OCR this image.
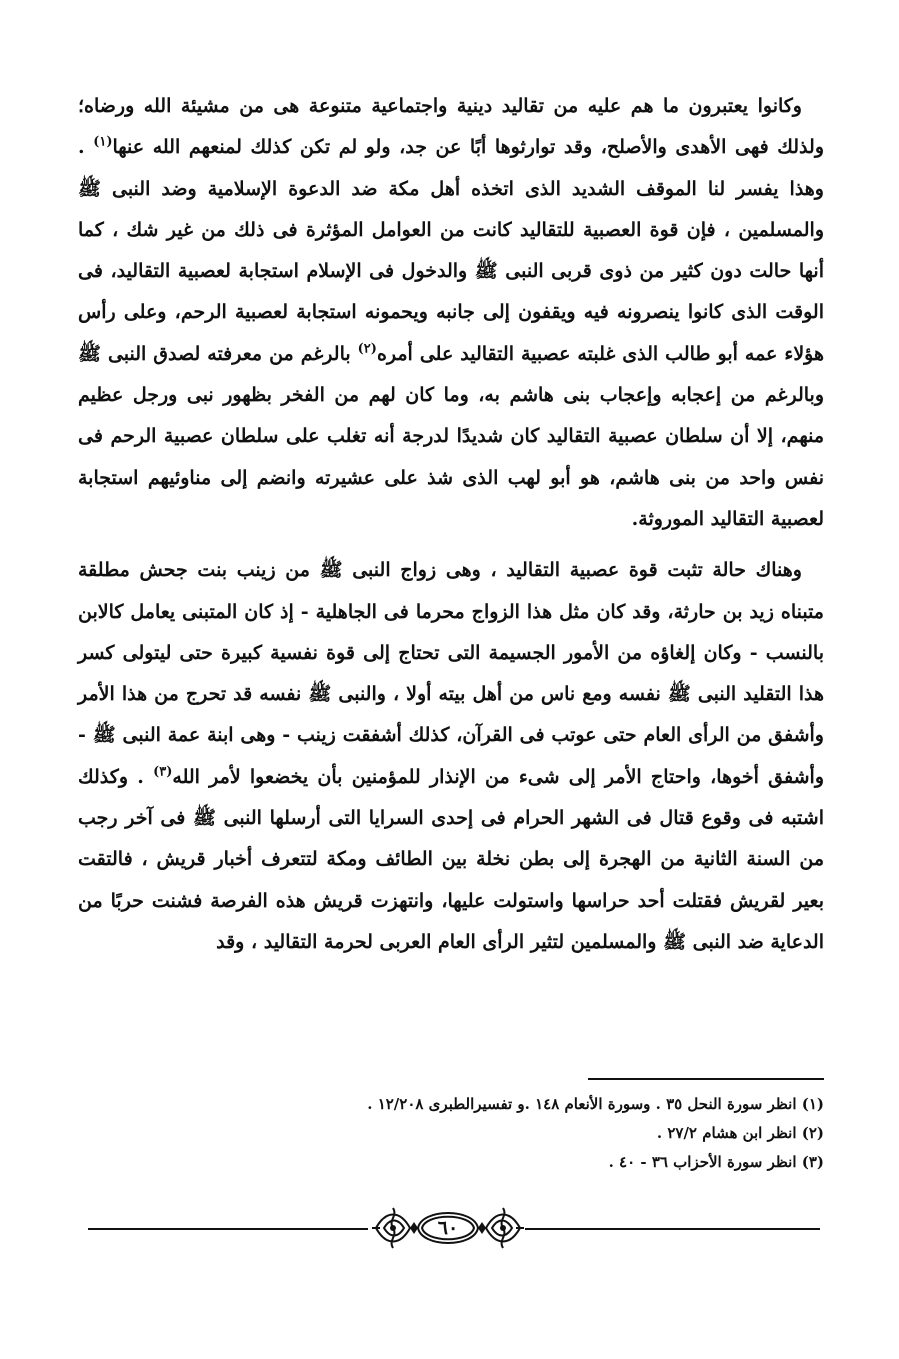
وكانوا يعتبرون ما هم عليه من تقاليد دينية واجتماعية متنوعة هى من مشيئة الله ورضاه؛ ولذلك فهى الأهدى والأصلح، وقد توارثوها أبًا عن جد، ولو لم تكن كذلك لمنعهم الله عنها$^{(١)}$ . وهذا يفسر لنا الموقف الشديد الذى اتخذه أهل مكة ضد الدعوة الإسلامية وضد النبى ﷺ والمسلمين ، فإن قوة العصبية للتقاليد كانت من العوامل المؤثرة فى ذلك من غير شك ، كما أنها حالت دون كثير من ذوى قربى النبى ﷺ والدخول فى الإسلام استجابة لعصبية التقاليد، فى الوقت الذى كانوا ينصرونه فيه ويقفون إلى جانبه ويحمونه استجابة لعصبية الرحم، وعلى رأس هؤلاء عمه أبو طالب الذى غلبته عصبية التقاليد على أمره$^{(٢)}$ بالرغم من معرفته لصدق النبى ﷺ وبالرغم من إعجابه وإعجاب بنى هاشم به، وما كان لهم من الفخر بظهور نبى ورجل عظيم منهم، إلا أن سلطان عصبية التقاليد كان شديدًا لدرجة أنه تغلب على سلطان عصبية الرحم فى نفس واحد من بنى هاشم، هو أبو لهب الذى شذ على عشيرته وانضم إلى مناوئيهم استجابة لعصبية التقاليد الموروثة.

وهناك حالة تثبت قوة عصبية التقاليد ، وهى زواج النبى ﷺ من زينب بنت جحش مطلقة متبناه زيد بن حارثة، وقد كان مثل هذا الزواج محرما فى الجاهلية - إذ كان المتبنى يعامل كالابن بالنسب - وكان إلغاؤه من الأمور الجسيمة التى تحتاج إلى قوة نفسية كبيرة حتى ليتولى كسر هذا التقليد النبى ﷺ نفسه ومع ناس من أهل بيته أولا ، والنبى ﷺ نفسه قد تحرج من هذا الأمر وأشفق من الرأى العام حتى عوتب فى القرآن، كذلك أشفقت زينب - وهى ابنة عمة النبى ﷺ - وأشفق أخوها، واحتاج الأمر إلى شىء من الإنذار للمؤمنين بأن يخضعوا لأمر الله$^{(٣)}$ . وكذلك اشتبه فى وقوع قتال فى الشهر الحرام فى إحدى السرايا التى أرسلها النبى ﷺ فى آخر رجب من السنة الثانية من الهجرة إلى بطن نخلة بين الطائف ومكة لتتعرف أخبار قريش ، فالتقت بعير لقريش فقتلت أحد حراسها واستولت عليها، وانتهزت قريش هذه الفرصة فشنت حربًا من الدعاية ضد النبى ﷺ والمسلمين لتثير الرأى العام العربى لحرمة التقاليد ، وقد

(١) انظر سورة النحل ٣٥ . وسورة الأنعام ١٤٨ .و تفسيرالطبرى ١٢/٢٠٨ .
(٢) انظر ابن هشام ٢٧/٢ .
(٣) انظر سورة الأحزاب ٣٦ - ٤٠ .
٦٠
